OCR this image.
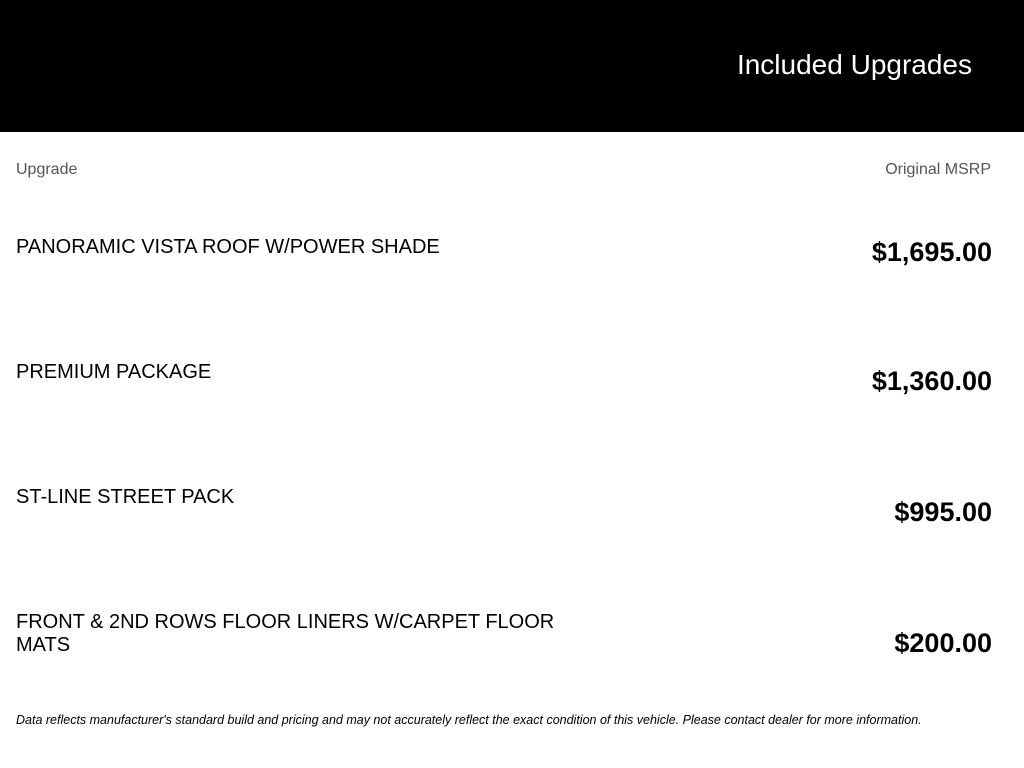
Included Upgrades
Upgrade	Original MSRP
PANORAMIC VISTA ROOF W/POWER SHADE	$1,695.00
PREMIUM PACKAGE	$1,360.00
ST-LINE STREET PACK	$995.00
FRONT & 2ND ROWS FLOOR LINERS W/CARPET FLOOR MATS	$200.00
Data reflects manufacturer's standard build and pricing and may not accurately reflect the exact condition of this vehicle. Please contact dealer for more information.
